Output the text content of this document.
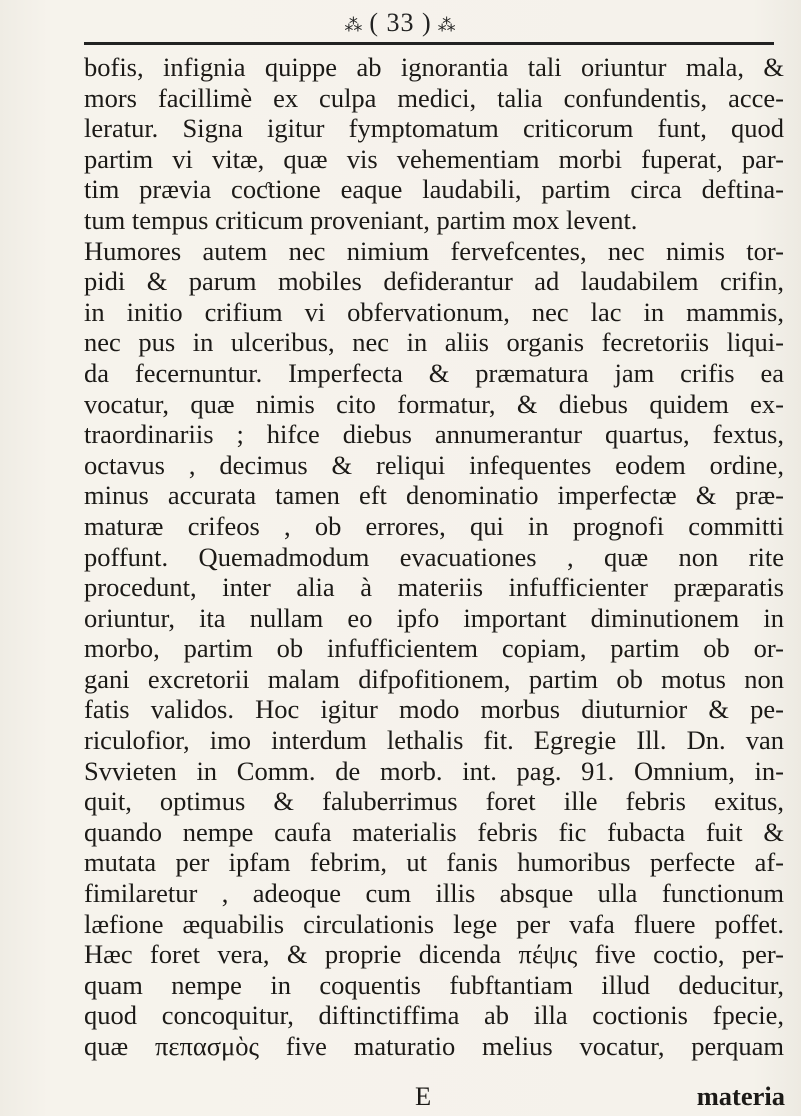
⁂ ( 33 ) ⁂
bofis, infignia quippe ab ignorantia tali oriuntur mala, &
mors facillimè ex culpa medici, talia confundentis, acce-
leratur. Signa igitur fymptomatum criticorum funt, quod
partim vi vitæ, quæ vis vehementiam morbi fuperat, par-
tim prævia coƈtione eaque laudabili, partim circa deftina-
tum tempus criticum proveniant, partim mox levent.
Humores autem nec nimium fervefcentes, nec nimis tor-
pidi & parum mobiles defiderantur ad laudabilem crifin,
in initio crifium vi obfervationum, nec lac in mammis,
nec pus in ulceribus, nec in aliis organis fecretoriis liqui-
da fecernuntur. Imperfecta & præmatura jam crifis ea
vocatur, quæ nimis cito formatur, & diebus quidem ex-
traordinariis ; hifce diebus annumerantur quartus, fextus,
octavus , decimus & reliqui infequentes eodem ordine,
minus accurata tamen eft denominatio imperfectæ & præ-
maturæ crifeos , ob errores, qui in prognofi committi
poffunt. Quemadmodum evacuationes , quæ non rite
procedunt, inter alia à materiis infufficienter præparatis
oriuntur, ita nullam eo ipfo important diminutionem in
morbo, partim ob infufficientem copiam, partim ob or-
gani excretorii malam difpofitionem, partim ob motus non
fatis validos. Hoc igitur modo morbus diuturnior & pe-
riculofior, imo interdum lethalis fit. Egregie Ill. Dn. van
Svvieten in Comm. de morb. int. pag. 91. Omnium, in-
quit, optimus & faluberrimus foret ille febris exitus,
quando nempe caufa materialis febris fic fubacta fuit &
mutata per ipfam febrim, ut fanis humoribus perfecte af-
fimilaretur , adeoque cum illis absque ulla functionum
læfione æquabilis circulationis lege per vafa fluere poffet.
Hæc foret vera, & proprie dicenda πέψις five coctio, per-
quam nempe in coquentis fubftantiam illud deducitur,
quod concoquitur, diftinctiffima ab illa coctionis fpecie,
quæ πεπασμὸς five maturatio melius vocatur, perquam
E	materia
